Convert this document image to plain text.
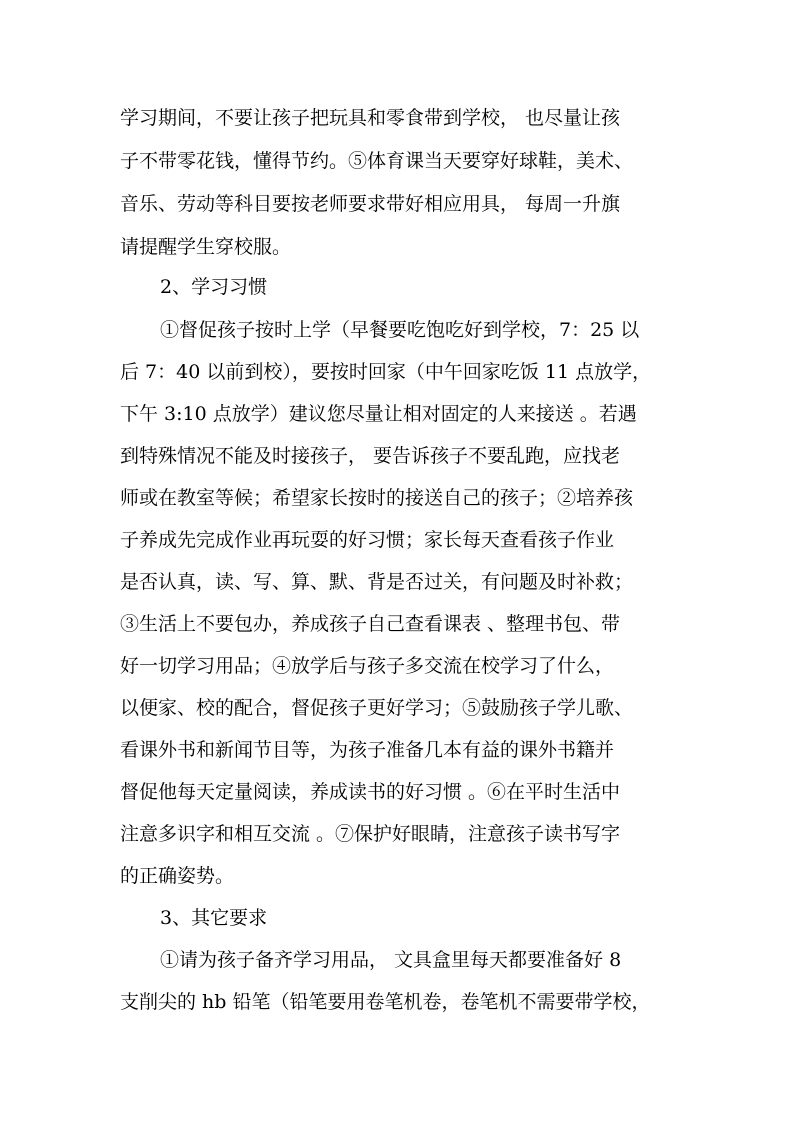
学习期间，不要让孩子把玩具和零食带到学校， 也尽量让孩
子不带零花钱，懂得节约。⑤体育课当天要穿好球鞋，美术、
音乐、劳动等科目要按老师要求带好相应用具， 每周一升旗
请提醒学生穿校服。
2、学习习惯
①督促孩子按时上学（早餐要吃饱吃好到学校，7：25 以
后 7：40 以前到校），要按时回家（中午回家吃饭 11 点放学，
下午 3:10 点放学）建议您尽量让相对固定的人来接送 。若遇
到特殊情况不能及时接孩子， 要告诉孩子不要乱跑，应找老
师或在教室等候；希望家长按时的接送自己的孩子；②培养孩
子养成先完成作业再玩耍的好习惯；家长每天查看孩子作业
是否认真，读、写、算、默、背是否过关，有问题及时补救；
③生活上不要包办，养成孩子自己查看课表 、整理书包、带
好一切学习用品；④放学后与孩子多交流在校学习了什么，
以便家、校的配合，督促孩子更好学习；⑤鼓励孩子学儿歌、
看课外书和新闻节目等，为孩子准备几本有益的课外书籍并
督促他每天定量阅读，养成读书的好习惯 。⑥在平时生活中
注意多识字和相互交流 。⑦保护好眼睛，注意孩子读书写字
的正确姿势。
3、其它要求
①请为孩子备齐学习用品， 文具盒里每天都要准备好 8
支削尖的 hb 铅笔（铅笔要用卷笔机卷，卷笔机不需要带学校，
